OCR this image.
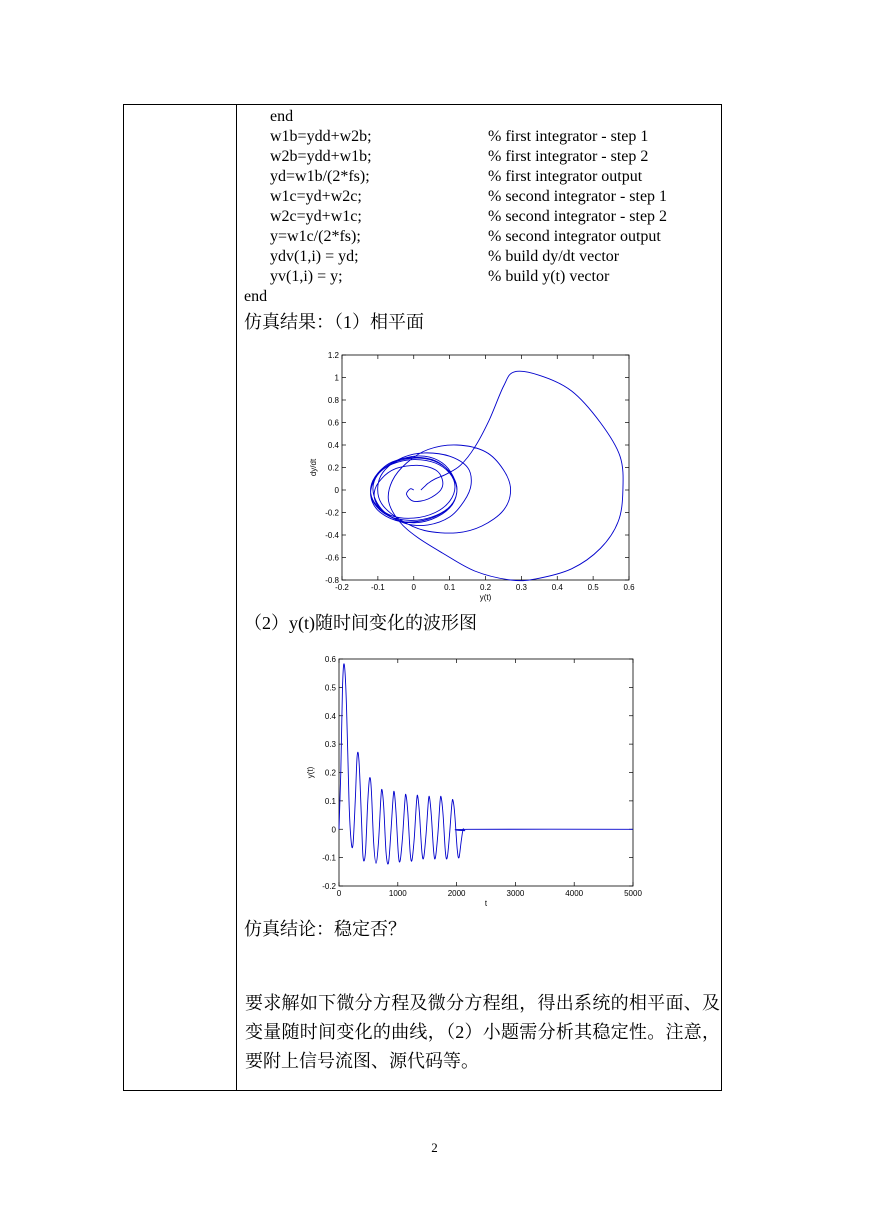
end
w1b=ydd+w2b;	% first integrator - step 1
w2b=ydd+w1b;	% first integrator - step 2
yd=w1b/(2*fs);	% first integrator output
w1c=yd+w2c;	% second integrator - step 1
w2c=yd+w1c;	% second integrator - step 2
y=w1c/(2*fs);	% second integrator output
ydv(1,i) = yd;	% build dy/dt vector
yv(1,i) = y;	% build y(t) vector
end
仿真结果：（1）相平面
-0.2	-0.1	0	0.1	0.2	0.3	0.4	0.5	0.6
-0.8
-0.6
-0.4
-0.2
0
0.2
0.4
0.6
0.8
1
1.2
y(t)
dy/dt
（2）y(t)随时间变化的波形图
0	1000	2000	3000	4000	5000
-0.2
-0.1
0
0.1
0.2
0.3
0.4
0.5
0.6
t
y(t)
仿真结论：稳定否？
要求解如下微分方程及微分方程组，得出系统的相平面、及变量随时间变化的曲线，（2）小题需分析其稳定性。注意，要附上信号流图、源代码等。
2
